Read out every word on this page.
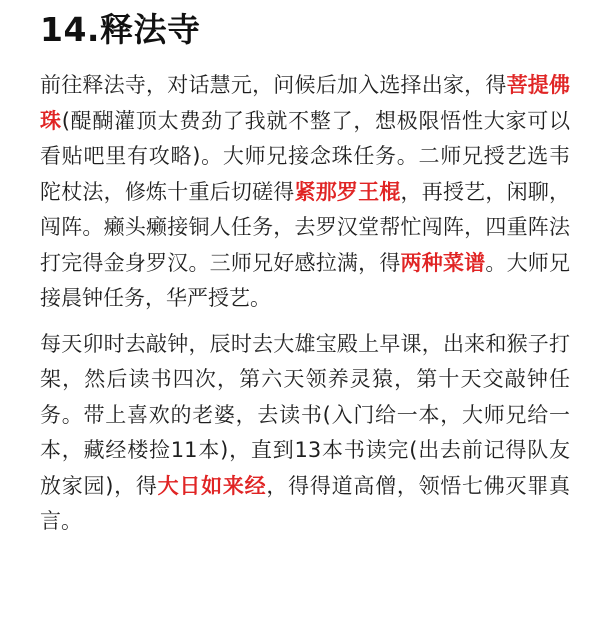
14.释法寺

前往释法寺，对话慧元，问候后加入选择出家，得菩提佛珠(醍醐灌顶太费劲了我就不整了，想极限悟性大家可以看贴吧里有攻略)。大师兄接念珠任务。二师兄授艺选韦陀杖法，修炼十重后切磋得紧那罗王棍，再授艺，闲聊，闯阵。癞头癞接铜人任务，去罗汉堂帮忙闯阵，四重阵法打完得金身罗汉。三师兄好感拉满，得两种菜谱。大师兄接晨钟任务，华严授艺。

每天卯时去敲钟，辰时去大雄宝殿上早课，出来和猴子打架，然后读书四次，第六天领养灵猿，第十天交敲钟任务。带上喜欢的老婆，去读书(入门给一本，大师兄给一本，藏经楼捡11本)，直到13本书读完(出去前记得队友放家园)，得大日如来经，得得道高僧，领悟七佛灭罪真言。
